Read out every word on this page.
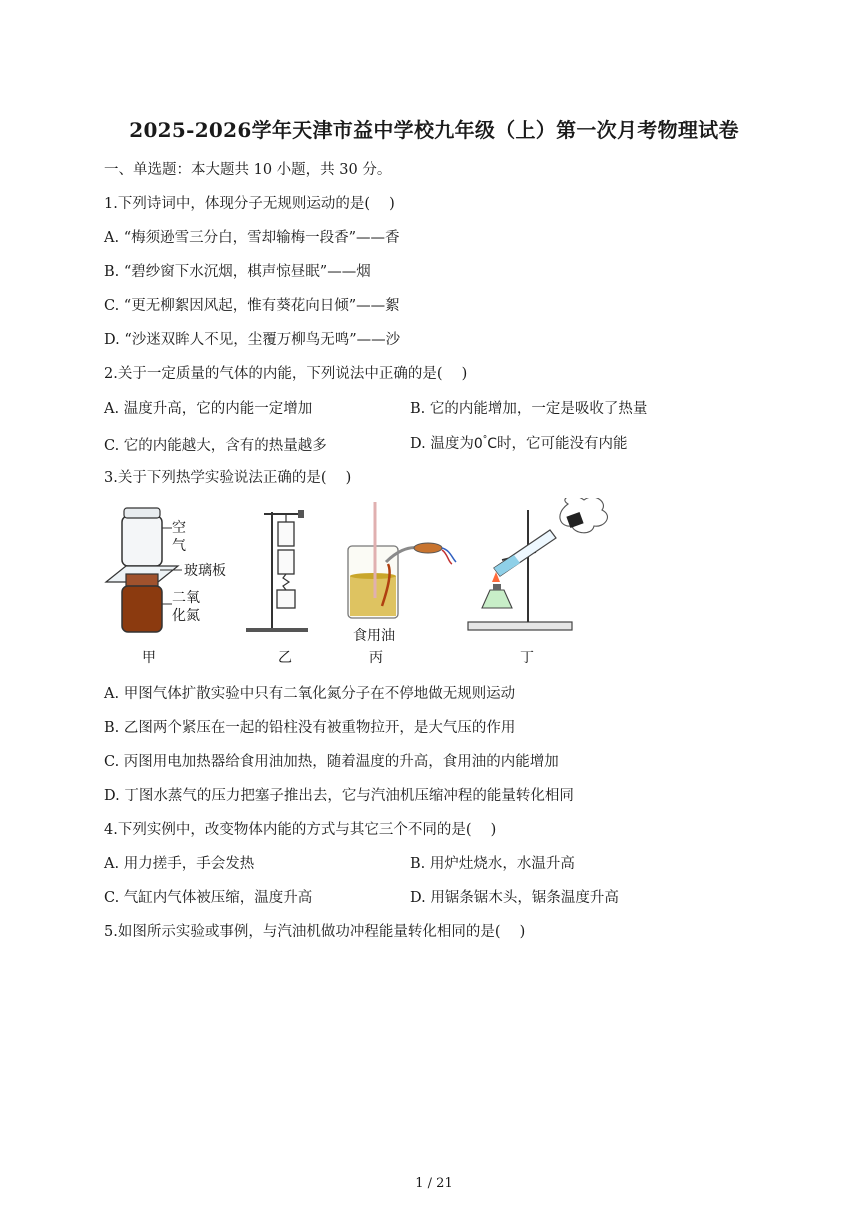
2025-2026学年天津市益中学校九年级（上）第一次月考物理试卷
一、单选题：本大题共 10 小题，共 30 分。
1.下列诗词中，体现分子无规则运动的是(　 )
A. “梅须逊雪三分白，雪却输梅一段香”——香
B. “碧纱窗下水沉烟，棋声惊昼眠”——烟
C. “更无柳絮因风起，惟有葵花向日倾”——絮
D. “沙迷双眸人不见，尘覆万柳鸟无鸣”——沙
2.关于一定质量的气体的内能，下列说法中正确的是(　 )
A. 温度升高，它的内能一定增加	B. 它的内能增加，一定是吸收了热量
C. 它的内能越大，含有的热量越多	D. 温度为0°C时，它可能没有内能
3.关于下列热学实验说法正确的是(　 )
空
气
玻璃板
二氧
化氮
甲	乙
食用油
丙	丁
A. 甲图气体扩散实验中只有二氧化氮分子在不停地做无规则运动
B. 乙图两个紧压在一起的铅柱没有被重物拉开，是大气压的作用
C. 丙图用电加热器给食用油加热，随着温度的升高，食用油的内能增加
D. 丁图水蒸气的压力把塞子推出去，它与汽油机压缩冲程的能量转化相同
4.下列实例中，改变物体内能的方式与其它三个不同的是(　 )
A. 用力搓手，手会发热	B. 用炉灶烧水，水温升高
C. 气缸内气体被压缩，温度升高	D. 用锯条锯木头，锯条温度升高
5.如图所示实验或事例，与汽油机做功冲程能量转化相同的是(　 )
1 / 21
